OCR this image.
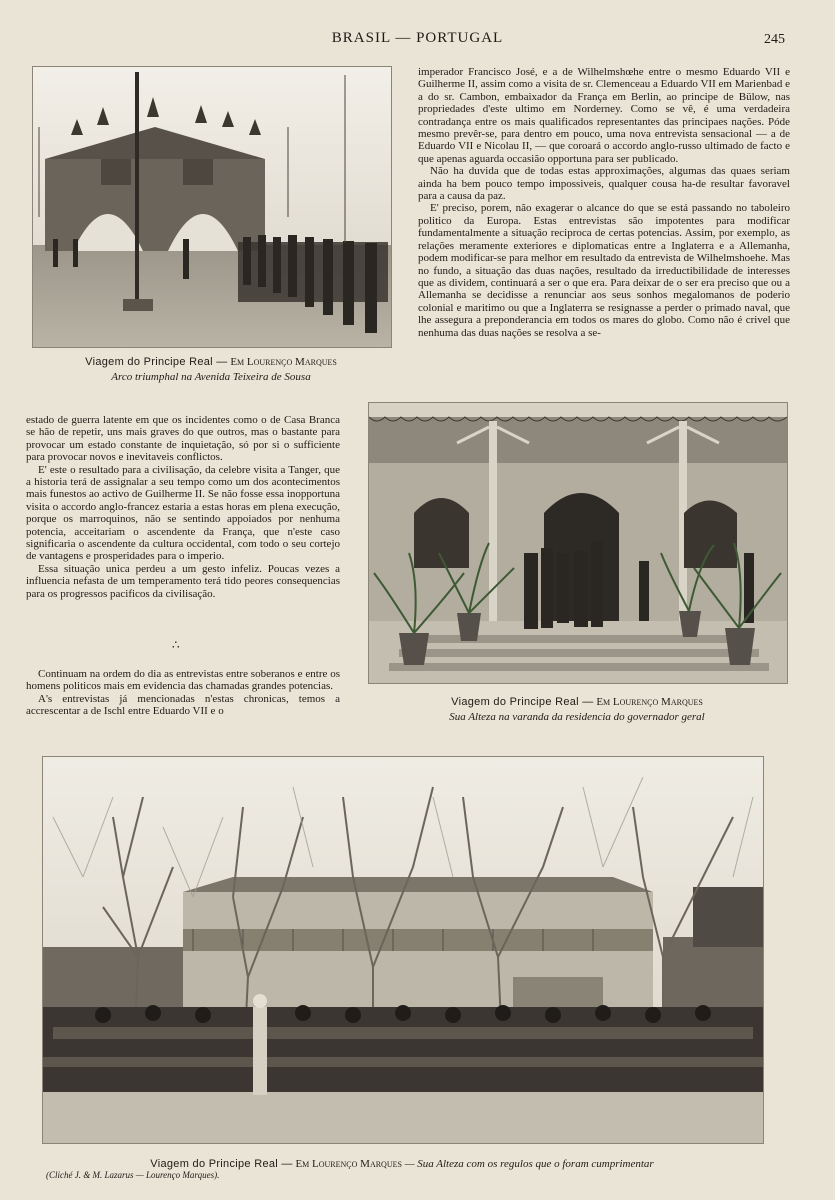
BRASIL — PORTUGAL	245
Viagem do Principe Real — Em Lourenço Marques
Arco triumphal na Avenida Teixeira de Sousa

imperador Francisco José, e a de Wilhelmshœhe entre o mesmo Eduardo VII e Guilherme II, assim como a visita de sr. Clemenceau a Eduardo VII em Marienbad e a do sr. Cambon, embaixador da França em Berlin, ao principe de Bülow, nas propriedades d'este ultimo em Norderney. Como se vê, é uma verdadeira contradança entre os mais qualificados representantes das principaes nações. Póde mesmo prevêr-se, para dentro em pouco, uma nova entrevista sensacional — a de Eduardo VII e Nicolau II, — que coroará o accordo anglo-russo ultimado de facto e que apenas aguarda occasião opportuna para ser publicado.

Não ha duvida que de todas estas approximações, algumas das quaes seriam ainda ha bem pouco tempo impossiveis, qualquer cousa ha-de resultar favoravel para a causa da paz.

E' preciso, porem, não exagerar o alcance do que se está passando no taboleiro politico da Europa. Estas entrevistas são impotentes para modificar fundamentalmente a situação reciproca de certas potencias. Assim, por exemplo, as relações meramente exteriores e diplomaticas entre a Inglaterra e a Allemanha, podem modificar-se para melhor em resultado da entrevista de Wilhelmshoehe. Mas no fundo, a situação das duas nações, resultado da irreductibilidade de interesses que as dividem, continuará a ser o que era. Para deixar de o ser era preciso que ou a Allemanha se decidisse a renunciar aos seus sonhos megalomanos de poderio colonial e maritimo ou que a Inglaterra se resignasse a perder o primado naval, que lhe assegura a preponderancia em todos os mares do globo. Como não é crivel que nenhuma das duas nações se resolva a se-

estado de guerra latente em que os incidentes como o de Casa Branca se hão de repetir, uns mais graves do que outros, mas o bastante para provocar um estado constante de inquietação, só por si o sufficiente para provocar novos e inevitaveis conflictos.

E' este o resultado para a civilisação, da celebre visita a Tanger, que a historia terá de assignalar a seu tempo como um dos acontecimentos mais funestos ao activo de Guilherme II. Se não fosse essa inopportuna visita o accordo anglo-francez estaria a estas horas em plena execução, porque os marroquinos, não se sentindo appoiados por nenhuma potencia, acceitariam o ascendente da França, que n'este caso significaria o ascendente da cultura occidental, com todo o seu cortejo de vantagens e prosperidades para o imperio.

Essa situação unica perdeu a um gesto infeliz. Poucas vezes a influencia nefasta de um temperamento terá tido peores consequencias para os progressos pacificos da civilisação.

∴

Continuam na ordem do dia as entrevistas entre soberanos e entre os homens politicos mais em evidencia das chamadas grandes potencias.

A's entrevistas já mencionadas n'estas chronicas, temos a accrescentar a de Ischl entre Eduardo VII e o

Viagem do Principe Real — Em Lourenço Marques
Sua Alteza na varanda da residencia do governador geral
Viagem do Principe Real — Em Lourenço Marques — Sua Alteza com os regulos que o foram cumprimentar
(Cliché J. & M. Lazarus — Lourenço Marques).
